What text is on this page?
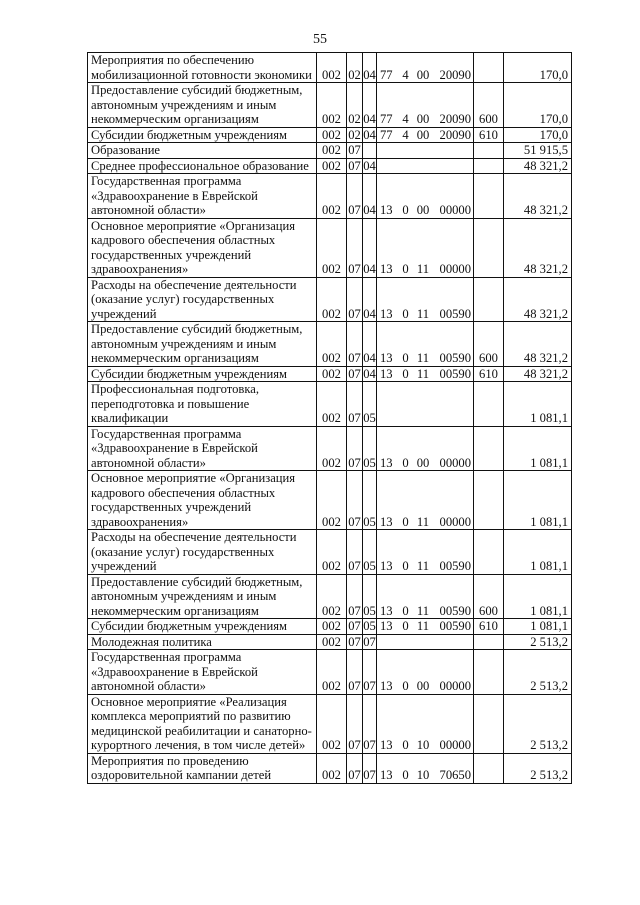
55
Мероприятия по обеспечению мобилизационной готовности экономики	002	02	04	77 4 00 20090		170,0
Предоставление субсидий бюджетным, автономным учреждениям и иным некоммерческим организациям	002	02	04	77 4 00 20090	600	170,0
Субсидии бюджетным учреждениям	002	02	04	77 4 00 20090	610	170,0
Образование	002	07				51 915,5
Среднее профессиональное образование	002	07	04			48 321,2
Государственная программа «Здравоохранение в Еврейской автономной области»	002	07	04	13 0 00 00000		48 321,2
Основное мероприятие «Организация кадрового обеспечения областных государственных учреждений здравоохранения»	002	07	04	13 0 11 00000		48 321,2
Расходы на обеспечение деятельности (оказание услуг) государственных учреждений	002	07	04	13 0 11 00590		48 321,2
Предоставление субсидий бюджетным, автономным учреждениям и иным некоммерческим организациям	002	07	04	13 0 11 00590	600	48 321,2
Субсидии бюджетным учреждениям	002	07	04	13 0 11 00590	610	48 321,2
Профессиональная подготовка, переподготовка и повышение квалификации	002	07	05			1 081,1
Государственная программа «Здравоохранение в Еврейской автономной области»	002	07	05	13 0 00 00000		1 081,1
Основное мероприятие «Организация кадрового обеспечения областных государственных учреждений здравоохранения»	002	07	05	13 0 11 00000		1 081,1
Расходы на обеспечение деятельности (оказание услуг) государственных учреждений	002	07	05	13 0 11 00590		1 081,1
Предоставление субсидий бюджетным, автономным учреждениям и иным некоммерческим организациям	002	07	05	13 0 11 00590	600	1 081,1
Субсидии бюджетным учреждениям	002	07	05	13 0 11 00590	610	1 081,1
Молодежная политика	002	07	07			2 513,2
Государственная программа «Здравоохранение в Еврейской автономной области»	002	07	07	13 0 00 00000		2 513,2
Основное мероприятие «Реализация комплекса мероприятий по развитию медицинской реабилитации и санаторно-курортного лечения, в том числе детей»	002	07	07	13 0 10 00000		2 513,2
Мероприятия по проведению оздоровительной кампании детей	002	07	07	13 0 10 70650		2 513,2
